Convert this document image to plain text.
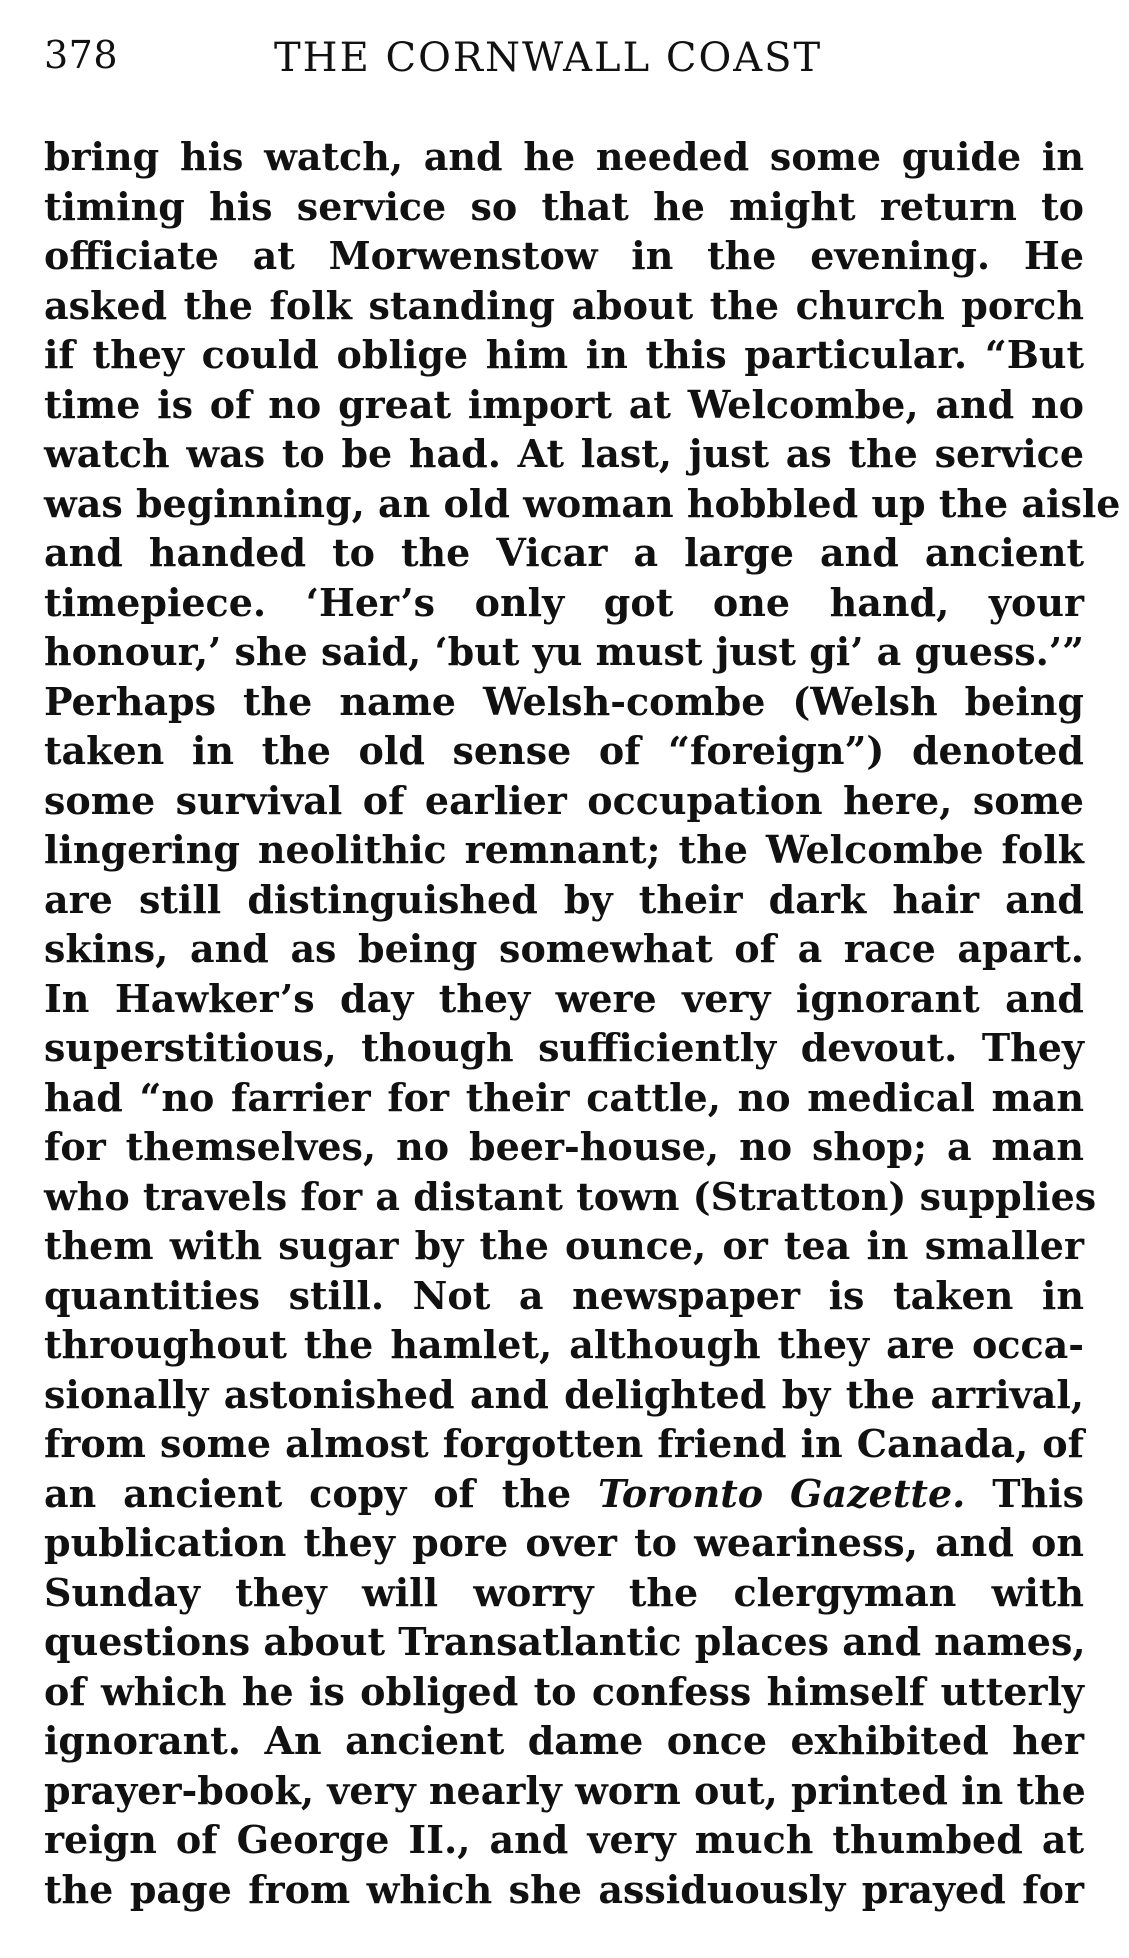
378	THE CORNWALL COAST
bring his watch, and he needed some guide in
timing his service so that he might return to
officiate at Morwenstow in the evening. He
asked the folk standing about the church porch
if they could oblige him in this particular. “But
time is of no great import at Welcombe, and no
watch was to be had. At last, just as the service
was beginning, an old woman hobbled up the aisle
and handed to the Vicar a large and ancient
timepiece. ‘Her’s only got one hand, your
honour,’ she said, ‘but yu must just gi’ a guess.’”
Perhaps the name Welsh-combe (Welsh being
taken in the old sense of “foreign”) denoted
some survival of earlier occupation here, some
lingering neolithic remnant; the Welcombe folk
are still distinguished by their dark hair and
skins, and as being somewhat of a race apart.
In Hawker’s day they were very ignorant and
superstitious, though sufficiently devout. They
had “no farrier for their cattle, no medical man
for themselves, no beer-house, no shop; a man
who travels for a distant town (Stratton) supplies
them with sugar by the ounce, or tea in smaller
quantities still. Not a newspaper is taken in
throughout the hamlet, although they are occa-
sionally astonished and delighted by the arrival,
from some almost forgotten friend in Canada, of
an ancient copy of the Toronto Gazette. This
publication they pore over to weariness, and on
Sunday they will worry the clergyman with
questions about Transatlantic places and names,
of which he is obliged to confess himself utterly
ignorant. An ancient dame once exhibited her
prayer-book, very nearly worn out, printed in the
reign of George II., and very much thumbed at
the page from which she assiduously prayed for
